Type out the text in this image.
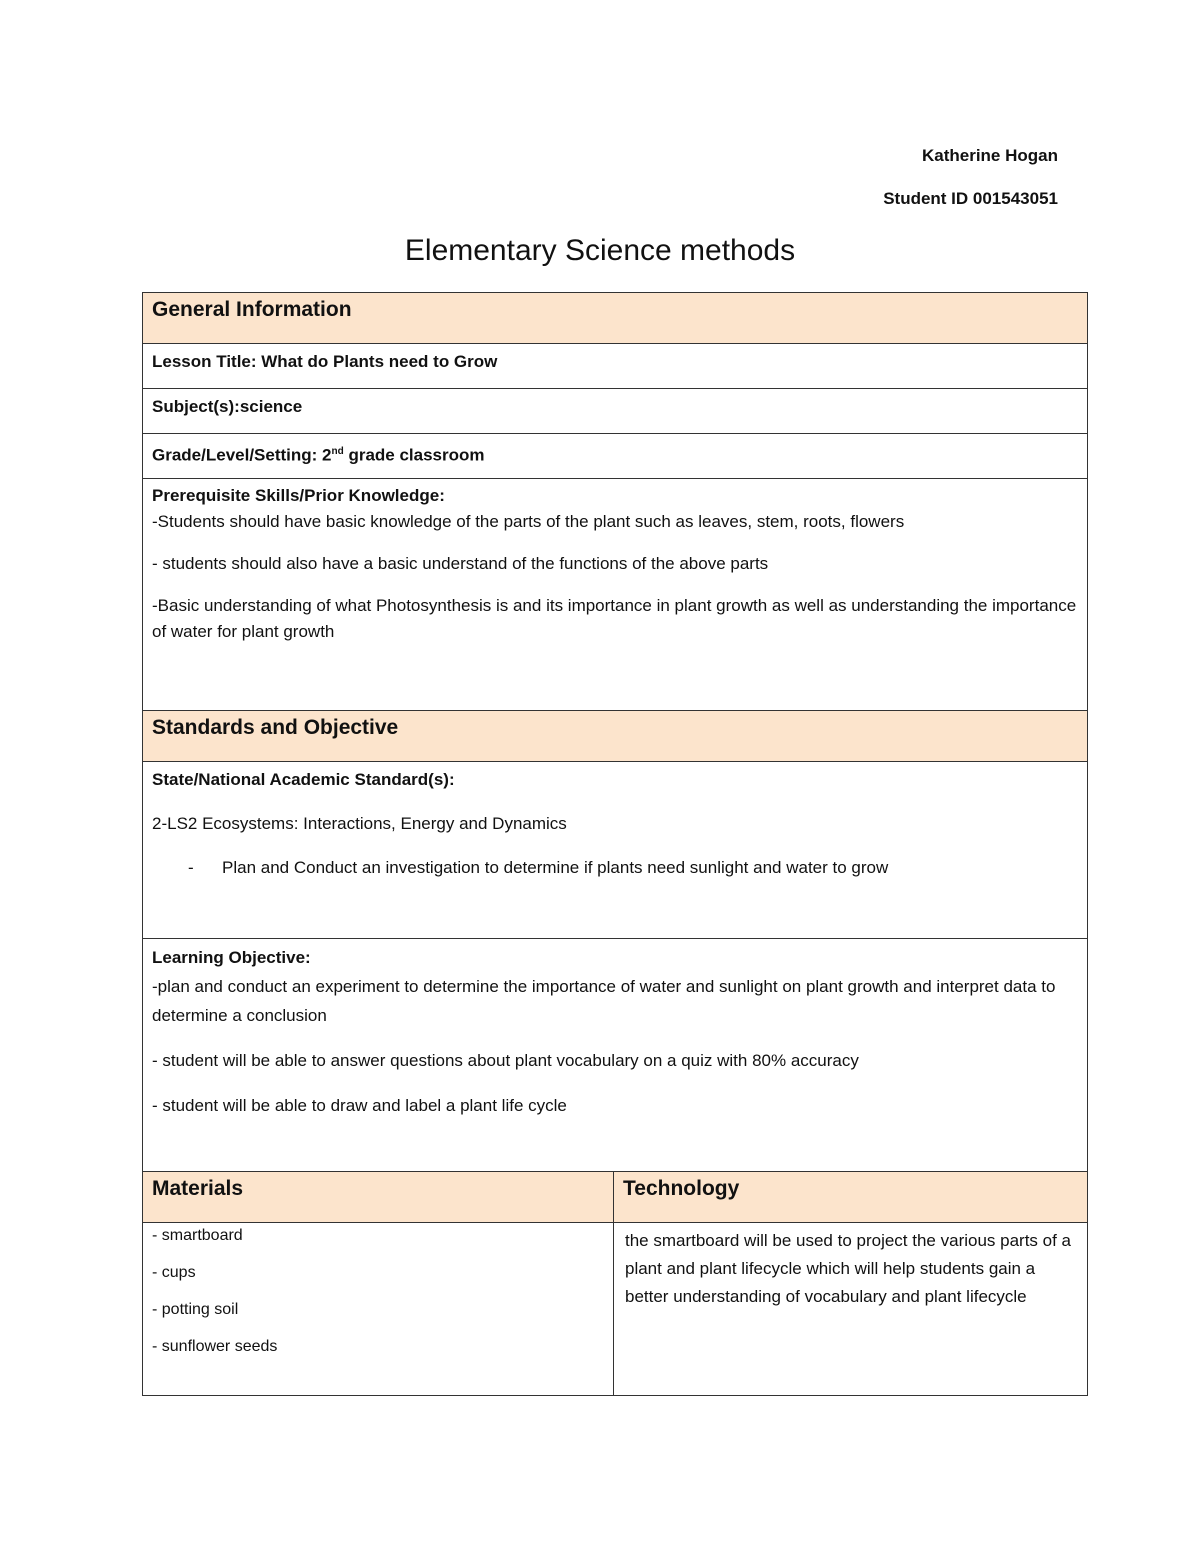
Katherine Hogan
Student ID 001543051
Elementary Science methods
General Information	
Lesson Title: What do Plants need to Grow	
Subject(s):science	
Grade/Level/Setting: 2nd grade classroom	

Prerequisite Skills/Prior Knowledge:

-Students should have basic knowledge of the parts of the plant such as leaves, stem, roots, flowers

- students should also have a basic understand of the functions of the above parts

-Basic understanding of what Photosynthesis is and its importance in plant growth as well as understanding the importance of water for plant growth	

Standards and Objective	

State/National Academic Standard(s):

2-LS2 Ecosystems: Interactions, Energy and Dynamics

- Plan and Conduct an investigation to determine if plants need sunlight and water to grow	

Learning Objective:

-plan and conduct an experiment to determine the importance of water and sunlight on plant growth and interpret data to determine a conclusion

- student will be able to answer questions about plant vocabulary on a quiz with 80% accuracy

- student will be able to draw and label a plant life cycle	

Materials	Technology

- smartboard

- cups

- potting soil

- sunflower seeds	the smartboard will be used to project the various parts of a plant and plant lifecycle which will help students gain a better understanding of vocabulary and plant lifecycle
